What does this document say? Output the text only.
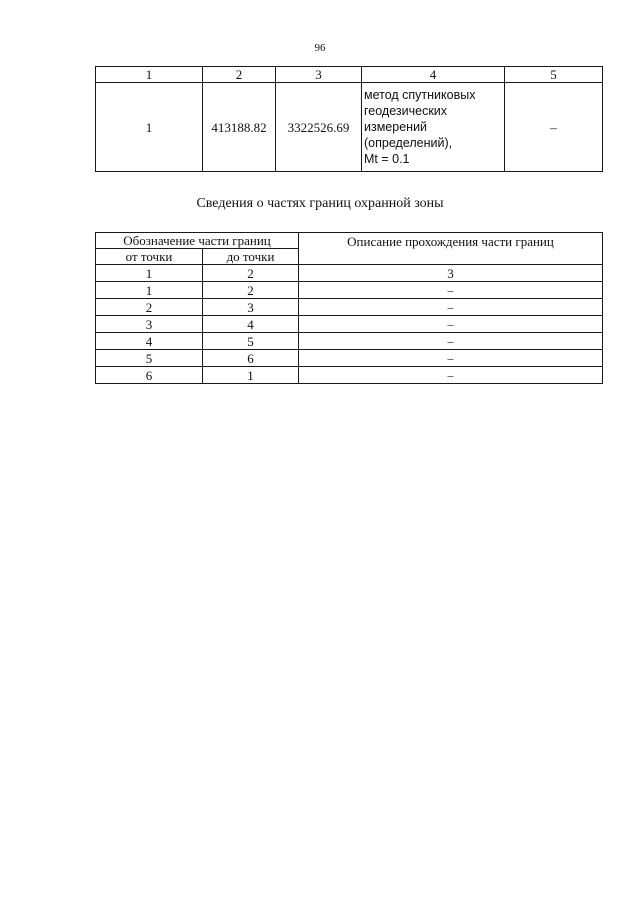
96
1	2	3	4	5
1	413188.82	3322526.69	метод спутниковых
геодезических
измерений
(определений),
Mt = 0.1	–
Сведения о частях границ охранной зоны
Обозначение части границ		Описание прохождения части границ
от точки	до точки	
1	2	3
1	2	–
2	3	–
3	4	–
4	5	–
5	6	–
6	1	–
